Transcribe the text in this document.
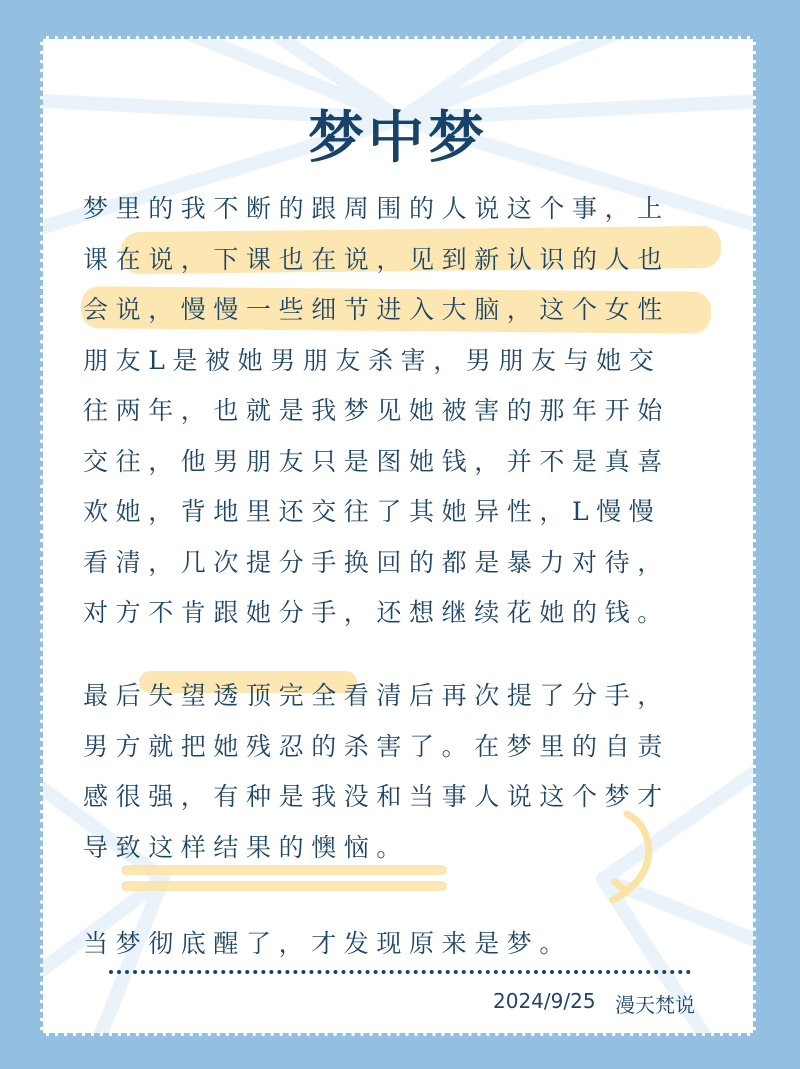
梦中梦

梦里的我不断的跟周围的人说这个事，上
课在说，下课也在说，见到新认识的人也
会说，慢慢一些细节进入大脑，这个女性
朋友L是被她男朋友杀害，男朋友与她交
往两年，也就是我梦见她被害的那年开始
交往，他男朋友只是图她钱，并不是真喜
欢她，背地里还交往了其她异性，L慢慢
看清，几次提分手换回的都是暴力对待，
对方不肯跟她分手，还想继续花她的钱。

最后失望透顶完全看清后再次提了分手，
男方就把她残忍的杀害了。在梦里的自责
感很强，有种是我没和当事人说这个梦才
导致这样结果的懊恼。

当梦彻底醒了，才发现原来是梦。

2024/9/25 漫天梵说
